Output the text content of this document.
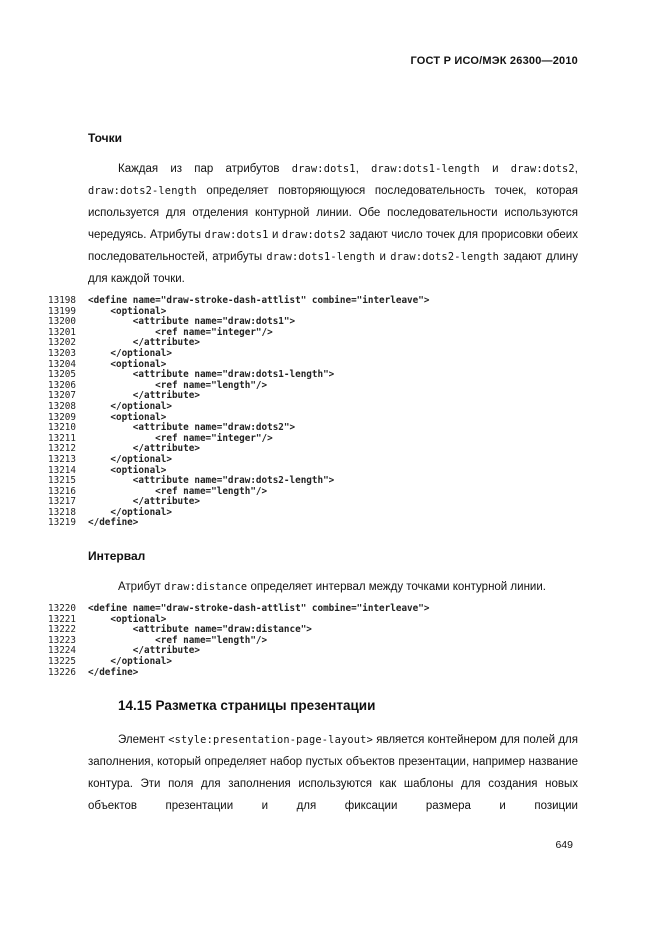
ГОСТ Р ИСО/МЭК 26300—2010
Точки

Каждая из пар атрибутов draw:dots1, draw:dots1-length и draw:dots2, draw:dots2-length определяет повторяющуюся последовательность точек, которая используется для отделения контурной линии. Обе последовательности используются чередуясь. Атрибуты draw:dots1 и draw:dots2 задают число точек для прорисовки обеих последовательностей, атрибуты draw:dots1-length и draw:dots2-length задают длину для каждой точки.

13198 <define name="draw-stroke-dash-attlist" combine="interleave">
13199 <optional>
13200 <attribute name="draw:dots1">
13201 <ref name="integer"/>
13202 </attribute>
13203 </optional>
13204 <optional>
13205 <attribute name="draw:dots1-length">
13206 <ref name="length"/>
13207 </attribute>
13208 </optional>
13209 <optional>
13210 <attribute name="draw:dots2">
13211 <ref name="integer"/>
13212 </attribute>
13213 </optional>
13214 <optional>
13215 <attribute name="draw:dots2-length">
13216 <ref name="length"/>
13217 </attribute>
13218 </optional>
13219 </define>
Интервал

Атрибут draw:distance определяет интервал между точками контурной линии.

13220 <define name="draw-stroke-dash-attlist" combine="interleave">
13221 <optional>
13222 <attribute name="draw:distance">
13223 <ref name="length"/>
13224 </attribute>
13225 </optional>
13226 </define>
14.15 Разметка страницы презентации

Элемент <style:presentation-page-layout> является контейнером для полей для заполнения, который определяет набор пустых объектов презентации, например название контура. Эти поля для заполнения используются как шаблоны для создания новых объектов презентации и для фиксации размера и позиции

649
